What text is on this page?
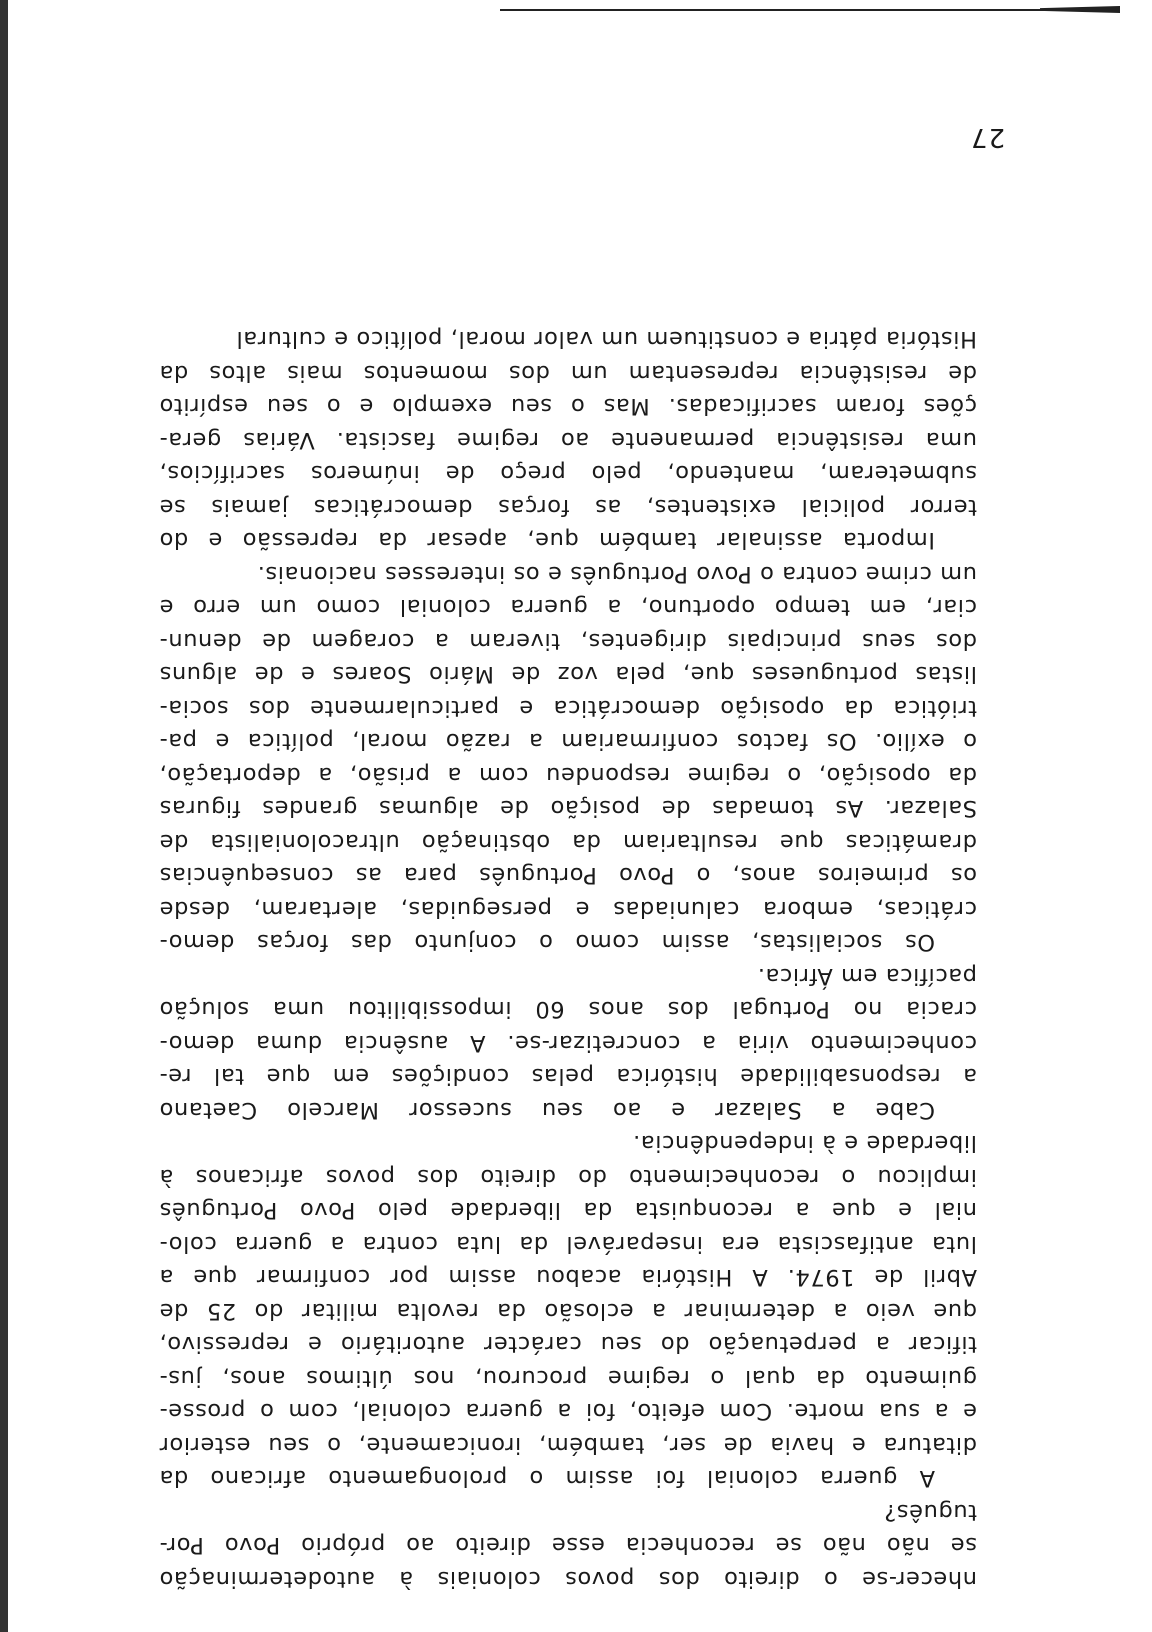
nhecer-se o direito dos povos coloniais à autodeterminação
se não não se reconhecia esse direito ao próprio Povo Por-
tuguês?
A guerra colonial foi assim o prolongamento africano da
ditatura e havia de ser, também, ironicamente, o seu esterior
e a sua morte. Com efeito, foi a guerra colonial, com o prosse-
guimento da qual o regime procurou, nos últimos anos, jus-
tificar a perpetuação do seu carácter autoritário e repressivo,
que veio a determinar a eclosão da revolta militar do 25 de
Abril de 1974. A História acabou assim por confirmar que a
luta antifascista era inseparável da luta contra a guerra colo-
nial e que a reconquista da liberdade pelo Povo Português
implicou o reconhecimento do direito dos povos africanos à
liberdade e à independência.
Cabe a Salazar e ao seu sucessor Marcelo Caetano
a responsabilidade histórica pelas condições em que tal re-
conhecimento viria a concretizar-se. A ausência duma demo-
cracia no Portugal dos anos 60 impossibilitou uma solução
pacífica em África.
Os socialistas, assim como o conjunto das forças demo-
cráticas, embora caluniadas e perseguidas, alertaram, desde
os primeiros anos, o Povo Português para as consequências
dramáticas que resultariam da obstinação ultracolonialista de
Salazar. As tomadas de posição de algumas grandes figuras
da oposição, o regime respondeu com a prisão, a deportação,
o exílio. Os factos confirmariam a razão moral, política e pa-
triótica da oposição democrática e particularmente dos socia-
listas portugueses que, pela voz de Mário Soares e de alguns
dos seus principais dirigentes, tiveram a coragem de denun-
ciar, em tempo oportuno, a guerra colonial como um erro e
um crime contra o Povo Português e os interesses nacionais.
Importa assinalar também que, apesar da repressão e do
terror policial existentes, as forças democráticas jamais se
submeteram, mantendo, pelo preço de inúmeros sacrifícios,
uma resistência permanente ao regime fascista. Várias gera-
ções foram sacrificadas. Mas o seu exemplo e o seu espírito
de resistência representam um dos momentos mais altos da
História pátria e constituem um valor moral, político e cultural
27
